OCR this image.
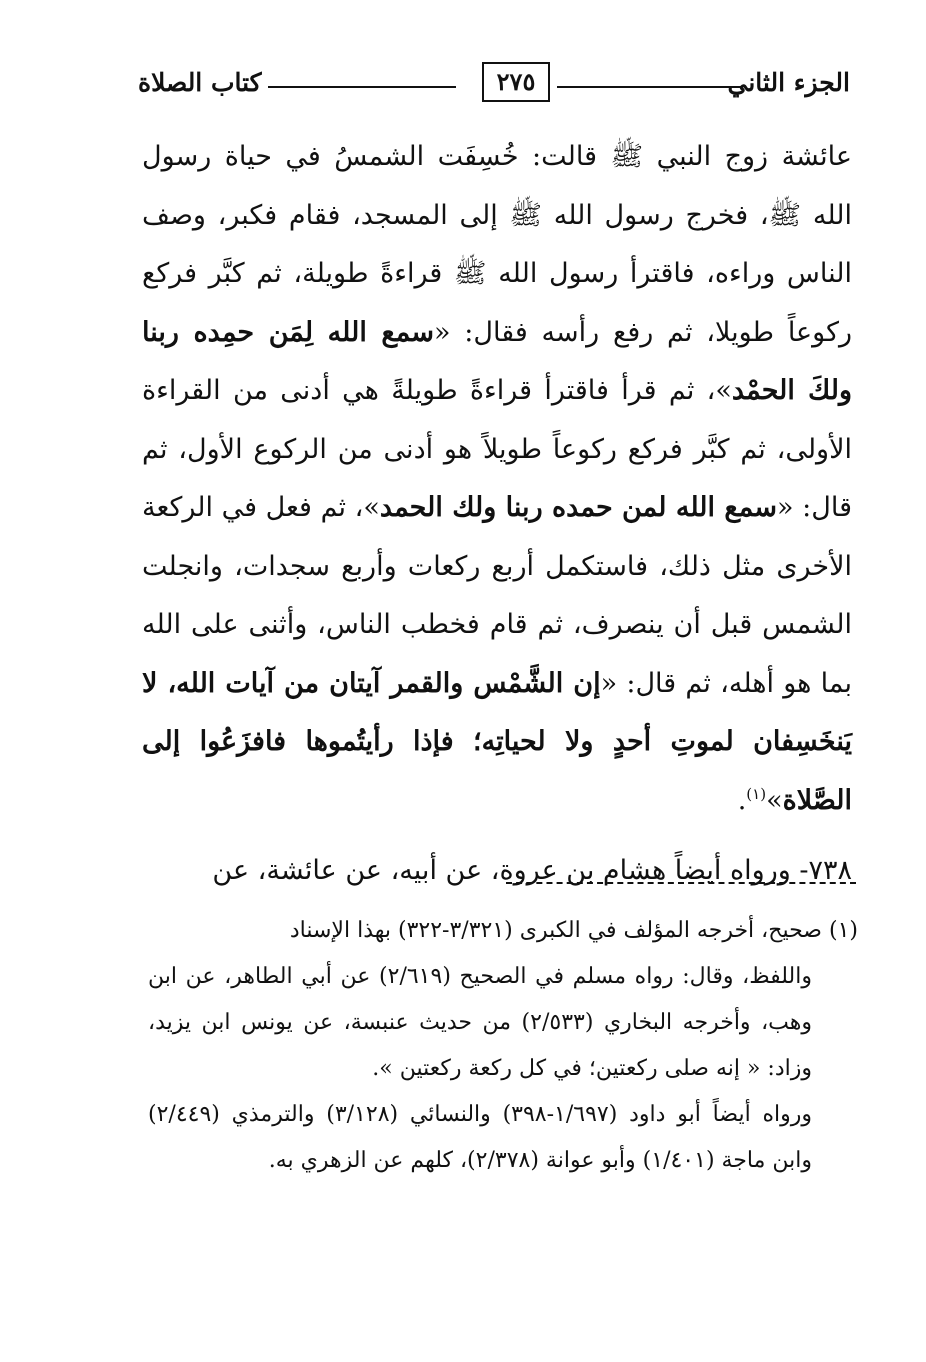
الجزء الثاني
٢٧٥
كتاب الصلاة

عائشة زوج النبي ﷺ قالت: خُسِفَت الشمسُ في حياة رسول الله ﷺ، فخرج رسول الله ﷺ إلى المسجد، فقام فكبر، وصف الناس وراءه، فاقترأ رسول الله ﷺ قراءةً طويلة، ثم كبَّر فركع ركوعاً طويلا، ثم رفع رأسه فقال: «سمع الله لِمَن حمِده ربنا ولكَ الحمْد»، ثم قرأ فاقترأ قراءةً طويلةً هي أدنى من القراءة الأولى، ثم كبَّر فركع ركوعاً طويلاً هو أدنى من الركوع الأول، ثم قال: «سمع الله لمن حمده ربنا ولك الحمد»، ثم فعل في الركعة الأخرى مثل ذلك، فاستكمل أربع ركعات وأربع سجدات، وانجلت الشمس قبل أن ينصرف، ثم قام فخطب الناس، وأثنى على الله بما هو أهله، ثم قال: «إن الشَّمْس والقمر آيتان من آيات الله، لا يَنخَسِفان لموتِ أحدٍ ولا لحياتِه؛ فإذا رأيتُموها فافزَعُوا إلى الصَّلاة»$^{(١)}$.

٧٣٨- ورواه أيضاً هشام بن عروة، عن أبيه، عن عائشة، عن

(١) صحيح، أخرجه المؤلف في الكبرى (٣/٣٢١-٣٢٢) بهذا الإسناد

واللفظ، وقال: رواه مسلم في الصحيح (٢/٦١٩) عن أبي الطاهر، عن ابن وهب، وأخرجه البخاري (٢/٥٣٣) من حديث عنبسة، عن يونس ابن يزيد، وزاد: « إنه صلى ركعتين؛ في كل ركعة ركعتين ».

ورواه أيضاً أبو داود (١/٦٩٧-٣٩٨) والنسائي (٣/١٢٨) والترمذي (٢/٤٤٩) وابن ماجة (١/٤٠١) وأبو عوانة (٢/٣٧٨)، كلهم عن الزهري به.
